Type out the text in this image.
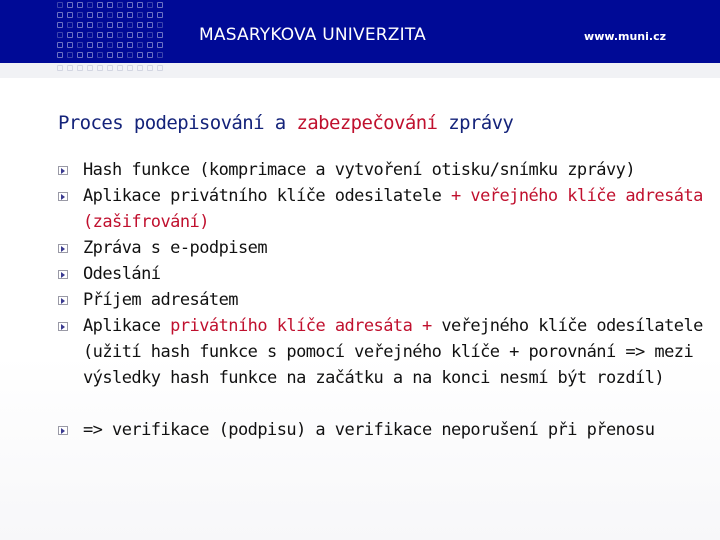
MASARYKOVA UNIVERZITA	www.muni.cz
Proces podepisování a zabezpečování zprávy
Hash funkce (komprimace a vytvoření otisku/snímku zprávy)
Aplikace privátního klíče odesilatele + veřejného klíče adresáta (zašifrování)
Zpráva s e-podpisem
Odeslání
Příjem adresátem
Aplikace privátního klíče adresáta + veřejného klíče odesílatele (užití hash funkce s pomocí veřejného klíče + porovnání => mezi výsledky hash funkce na začátku a na konci nesmí být rozdíl)
=> verifikace (podpisu) a verifikace neporušení při přenosu
